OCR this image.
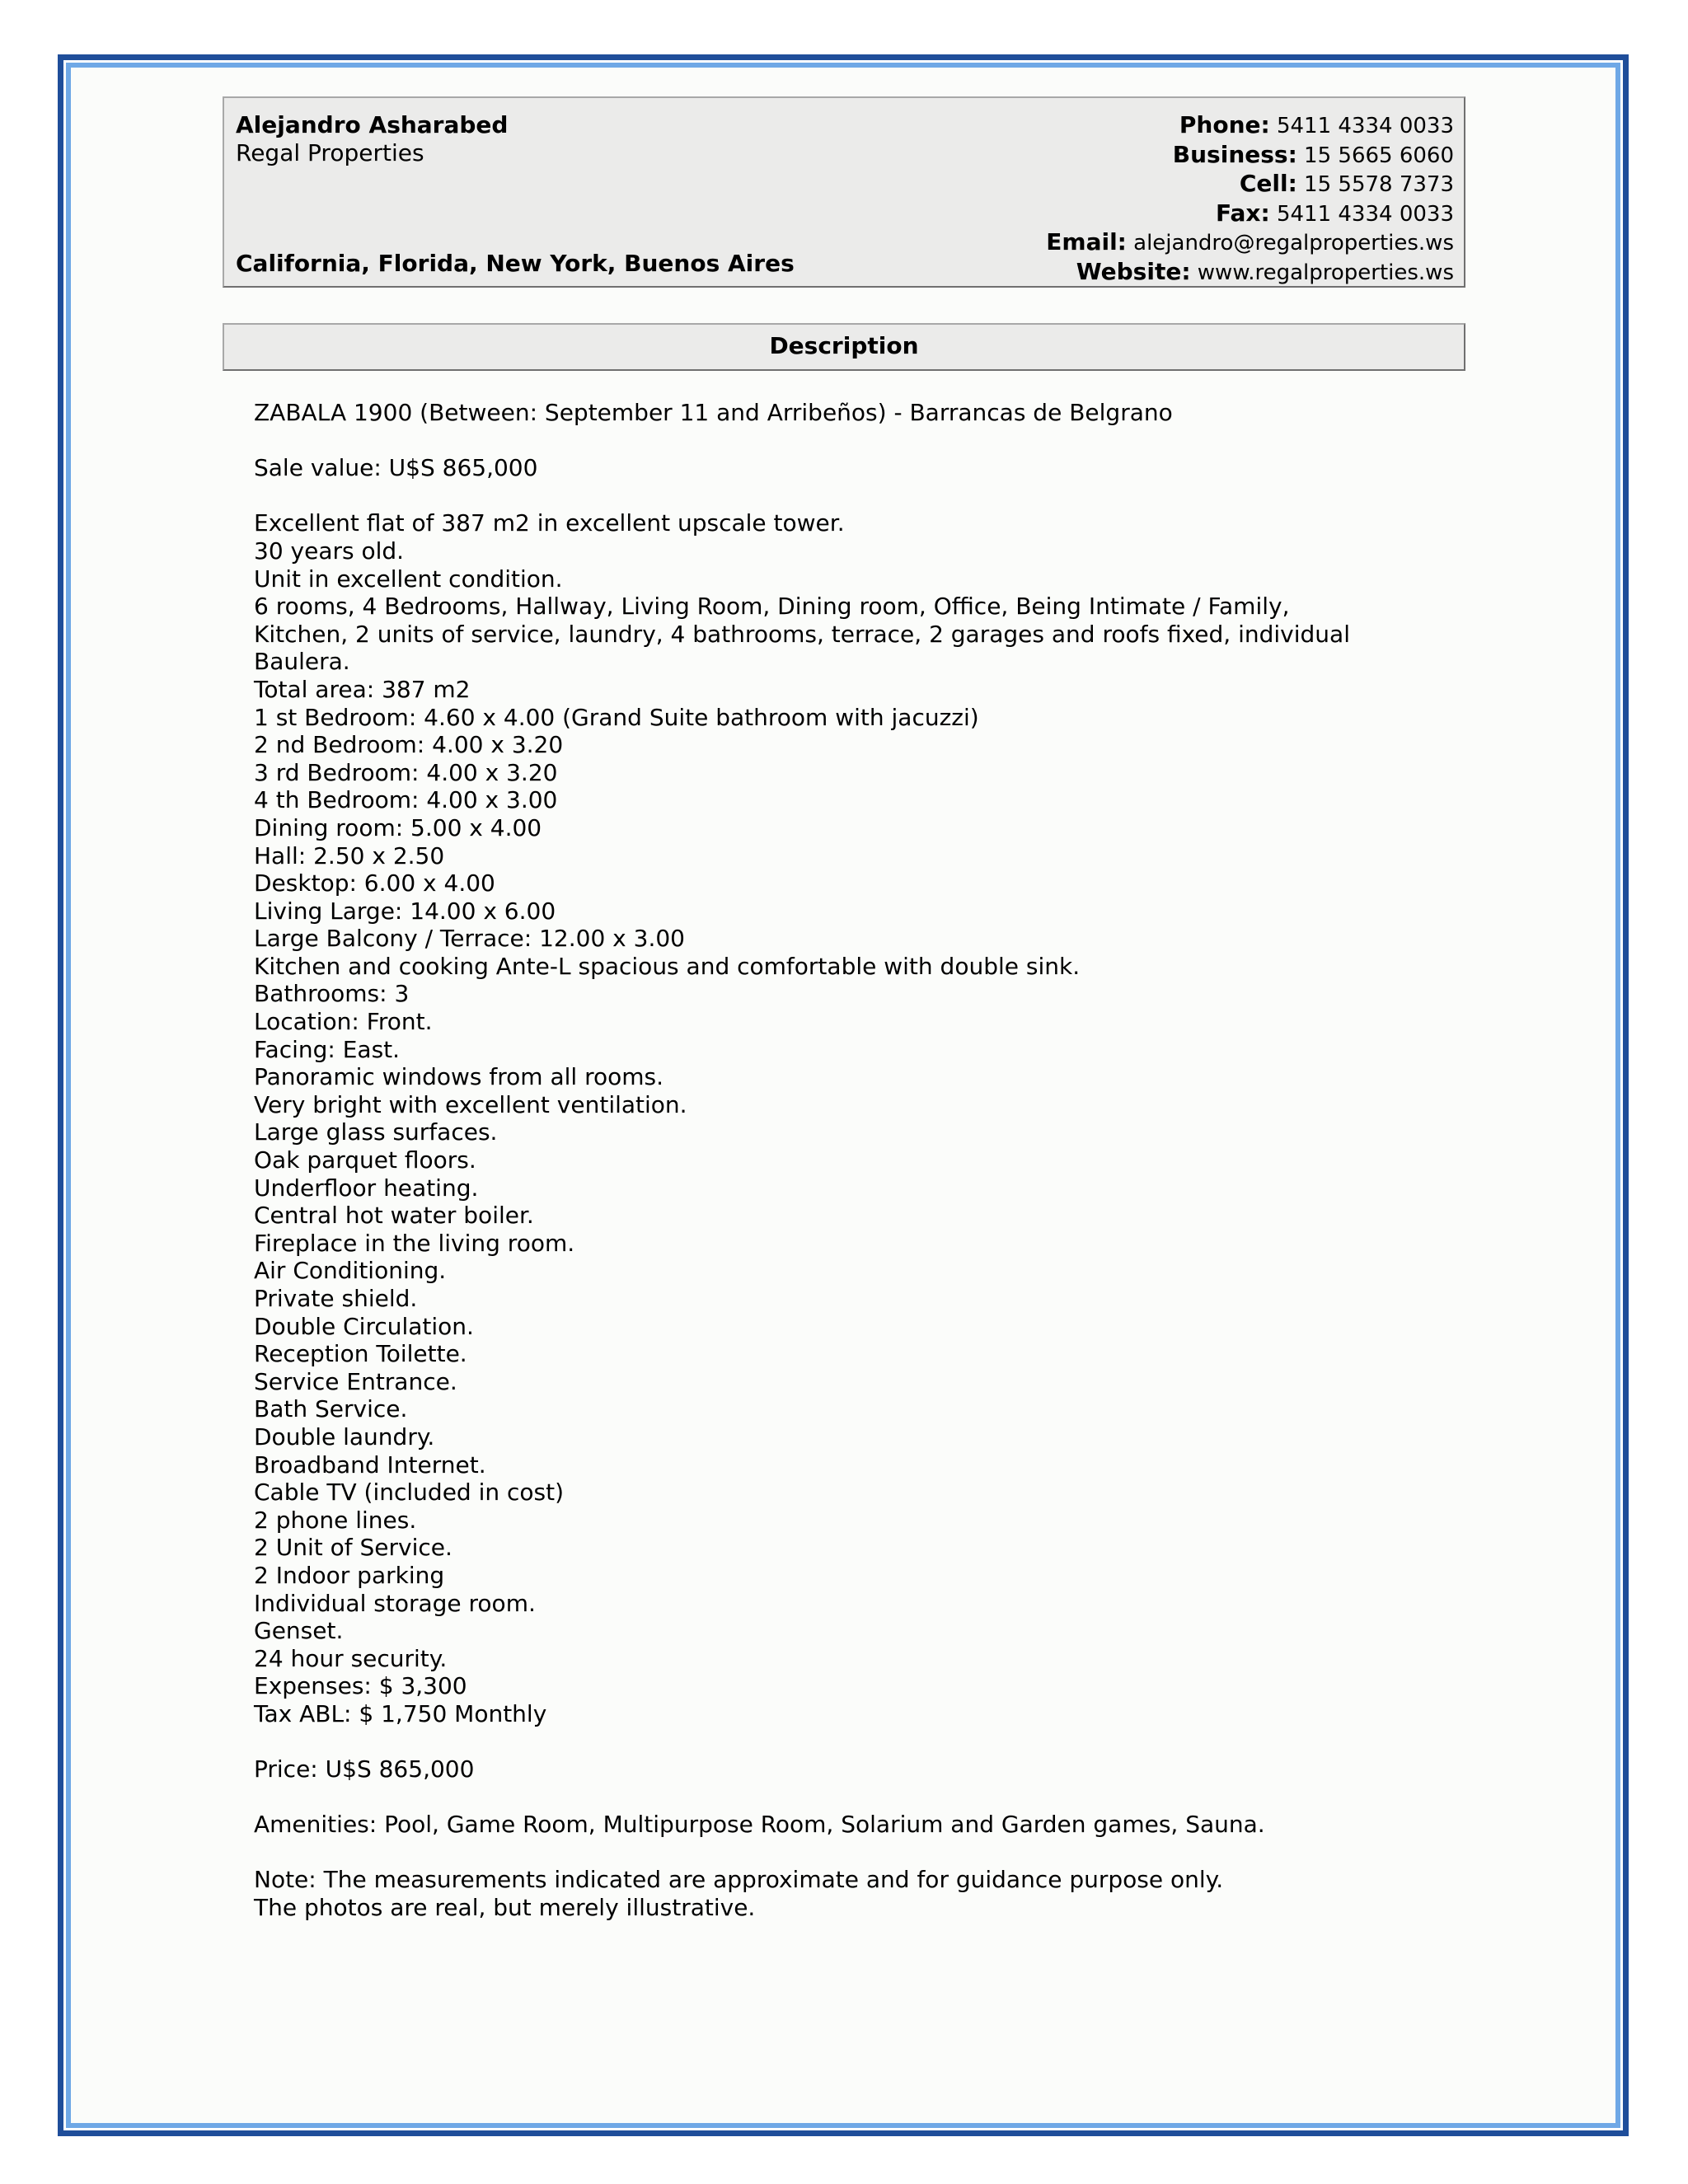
Alejandro Asharabed
Regal Properties
California, Florida, New York, Buenos Aires
Phone: 5411 4334 0033
Business: 15 5665 6060
Cell: 15 5578 7373
Fax: 5411 4334 0033
Email: alejandro@regalproperties.ws
Website: www.regalproperties.ws
Description
ZABALA 1900 (Between: September 11 and Arribeños) - Barrancas de Belgrano
Sale value: U$S 865,000
Excellent flat of 387 m2 in excellent upscale tower.
30 years old.
Unit in excellent condition.
6 rooms, 4 Bedrooms, Hallway, Living Room, Dining room, Office, Being Intimate / Family,
Kitchen, 2 units of service, laundry, 4 bathrooms, terrace, 2 garages and roofs fixed, individual
Baulera.
Total area: 387 m2
1 st Bedroom: 4.60 x 4.00 (Grand Suite bathroom with jacuzzi)
2 nd Bedroom: 4.00 x 3.20
3 rd Bedroom: 4.00 x 3.20
4 th Bedroom: 4.00 x 3.00
Dining room: 5.00 x 4.00
Hall: 2.50 x 2.50
Desktop: 6.00 x 4.00
Living Large: 14.00 x 6.00
Large Balcony / Terrace: 12.00 x 3.00
Kitchen and cooking Ante-L spacious and comfortable with double sink.
Bathrooms: 3
Location: Front.
Facing: East.
Panoramic windows from all rooms.
Very bright with excellent ventilation.
Large glass surfaces.
Oak parquet floors.
Underfloor heating.
Central hot water boiler.
Fireplace in the living room.
Air Conditioning.
Private shield.
Double Circulation.
Reception Toilette.
Service Entrance.
Bath Service.
Double laundry.
Broadband Internet.
Cable TV (included in cost)
2 phone lines.
2 Unit of Service.
2 Indoor parking
Individual storage room.
Genset.
24 hour security.
Expenses: $ 3,300
Tax ABL: $ 1,750 Monthly
Price: U$S 865,000
Amenities: Pool, Game Room, Multipurpose Room, Solarium and Garden games, Sauna.
Note: The measurements indicated are approximate and for guidance purpose only.
The photos are real, but merely illustrative.
